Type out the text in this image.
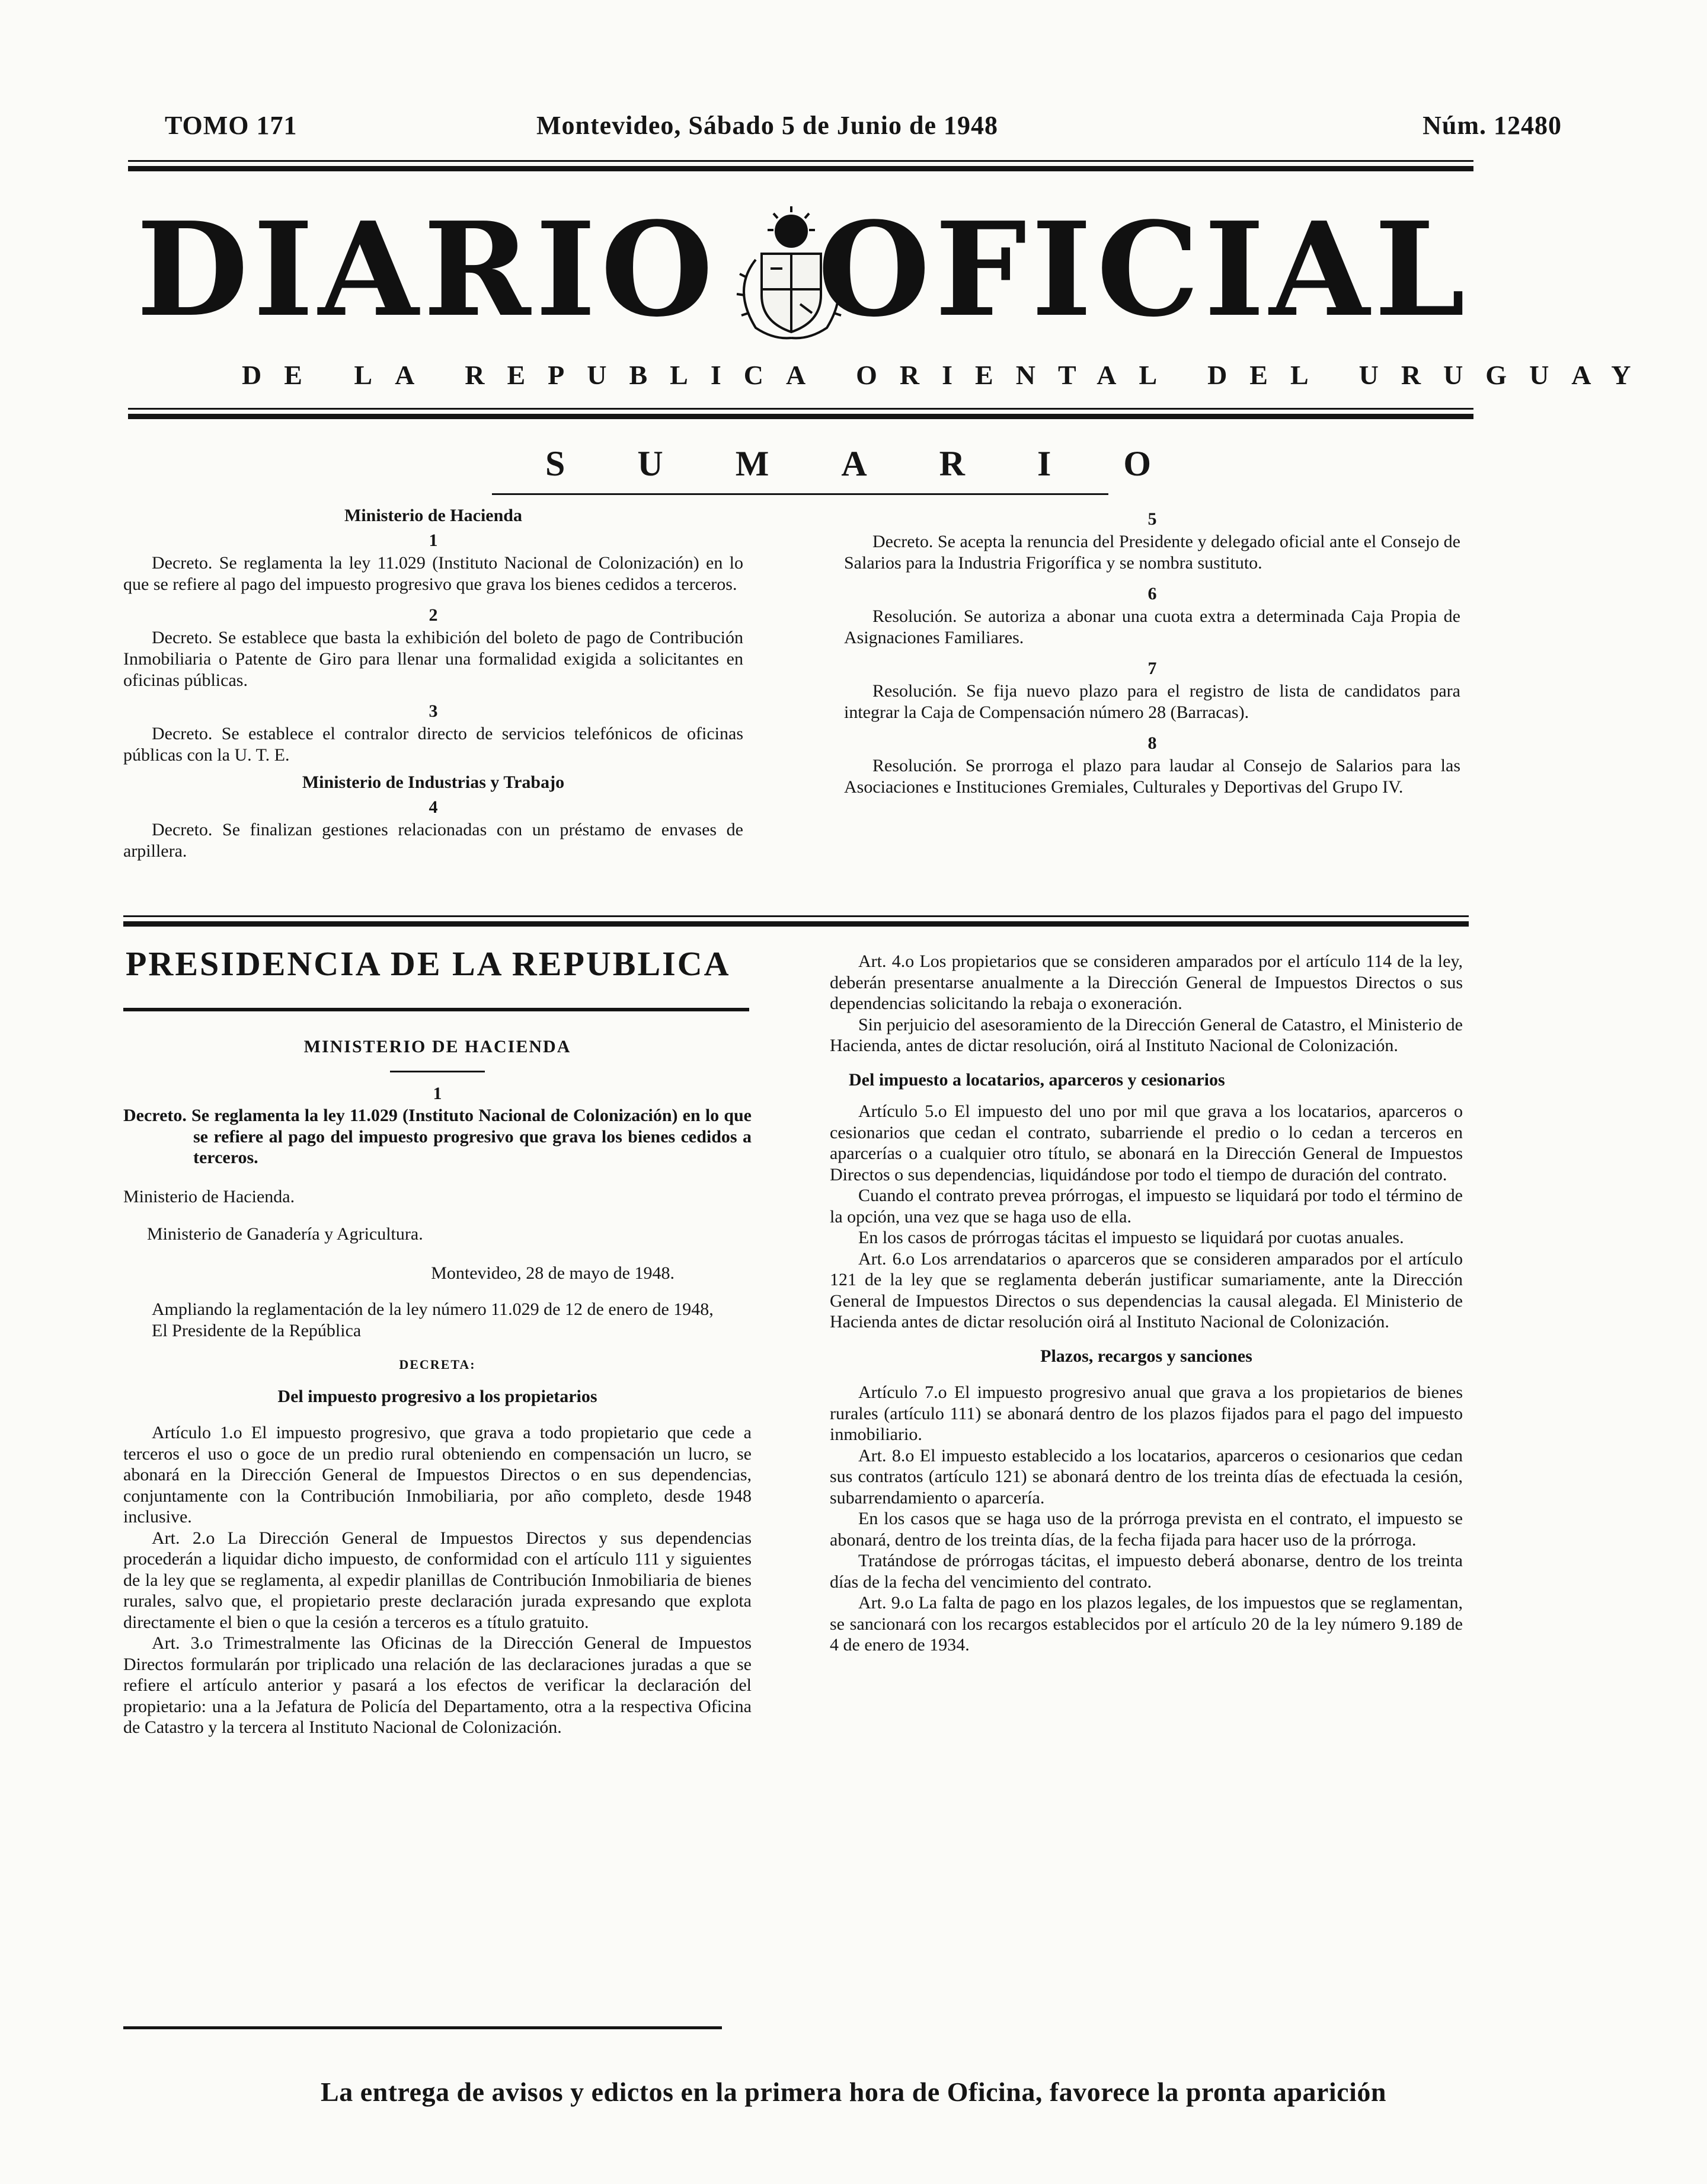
TOMO 171	Montevideo, Sábado 5 de Junio de 1948	Núm. 12480
DIARIO OFICIAL
DE LA REPUBLICA ORIENTAL DEL URUGUAY
SUMARIO
Ministerio de Hacienda
1
Decreto. Se reglamenta la ley 11.029 (Instituto Nacional de Colonización) en lo que se refiere al pago del impuesto progresivo que grava los bienes cedidos a terceros.
2
Decreto. Se establece que basta la exhibición del boleto de pago de Contribución Inmobiliaria o Patente de Giro para llenar una formalidad exigida a solicitantes en oficinas públicas.
3
Decreto. Se establece el contralor directo de servicios telefónicos de oficinas públicas con la U. T. E.
Ministerio de Industrias y Trabajo
4
Decreto. Se finalizan gestiones relacionadas con un préstamo de envases de arpillera.
5
Decreto. Se acepta la renuncia del Presidente y delegado oficial ante el Consejo de Salarios para la Industria Frigorífica y se nombra sustituto.
6
Resolución. Se autoriza a abonar una cuota extra a determinada Caja Propia de Asignaciones Familiares.
7
Resolución. Se fija nuevo plazo para el registro de lista de candidatos para integrar la Caja de Compensación número 28 (Barracas).
8
Resolución. Se prorroga el plazo para laudar al Consejo de Salarios para las Asociaciones e Instituciones Gremiales, Culturales y Deportivas del Grupo IV.
PRESIDENCIA DE LA REPUBLICA
MINISTERIO DE HACIENDA
1
Decreto. Se reglamenta la ley 11.029 (Instituto Nacional de Colonización) en lo que se refiere al pago del impuesto progresivo que grava los bienes cedidos a terceros.

Ministerio de Hacienda.

Ministerio de Ganadería y Agricultura.

Montevideo, 28 de mayo de 1948.

Ampliando la reglamentación de la ley número 11.029 de 12 de enero de 1948,

El Presidente de la República

DECRETA:
Del impuesto progresivo a los propietarios

Artículo 1.o El impuesto progresivo, que grava a todo propietario que cede a terceros el uso o goce de un predio rural obteniendo en compensación un lucro, se abonará en la Dirección General de Impuestos Directos o en sus dependencias, conjuntamente con la Contribución Inmobiliaria, por año completo, desde 1948 inclusive.

Art. 2.o La Dirección General de Impuestos Directos y sus dependencias procederán a liquidar dicho impuesto, de conformidad con el artículo 111 y siguientes de la ley que se reglamenta, al expedir planillas de Contribución Inmobiliaria de bienes rurales, salvo que, el propietario preste declaración jurada expresando que explota directamente el bien o que la cesión a terceros es a título gratuito.

Art. 3.o Trimestralmente las Oficinas de la Dirección General de Impuestos Directos formularán por triplicado una relación de las declaraciones juradas a que se refiere el artículo anterior y pasará a los efectos de verificar la declaración del propietario: una a la Jefatura de Policía del Departamento, otra a la respectiva Oficina de Catastro y la tercera al Instituto Nacional de Colonización.

Art. 4.o Los propietarios que se consideren amparados por el artículo 114 de la ley, deberán presentarse anualmente a la Dirección General de Impuestos Directos o sus dependencias solicitando la rebaja o exoneración.

Sin perjuicio del asesoramiento de la Dirección General de Catastro, el Ministerio de Hacienda, antes de dictar resolución, oirá al Instituto Nacional de Colonización.

Del impuesto a locatarios, aparceros y cesionarios

Artículo 5.o El impuesto del uno por mil que grava a los locatarios, aparceros o cesionarios que cedan el contrato, subarriende el predio o lo cedan a terceros en aparcerías o a cualquier otro título, se abonará en la Dirección General de Impuestos Directos o sus dependencias, liquidándose por todo el tiempo de duración del contrato.

Cuando el contrato prevea prórrogas, el impuesto se liquidará por todo el término de la opción, una vez que se haga uso de ella.

En los casos de prórrogas tácitas el impuesto se liquidará por cuotas anuales.

Art. 6.o Los arrendatarios o aparceros que se consideren amparados por el artículo 121 de la ley que se reglamenta deberán justificar sumariamente, ante la Dirección General de Impuestos Directos o sus dependencias la causal alegada. El Ministerio de Hacienda antes de dictar resolución oirá al Instituto Nacional de Colonización.

Plazos, recargos y sanciones

Artículo 7.o El impuesto progresivo anual que grava a los propietarios de bienes rurales (artículo 111) se abonará dentro de los plazos fijados para el pago del impuesto inmobiliario.

Art. 8.o El impuesto establecido a los locatarios, aparceros o cesionarios que cedan sus contratos (artículo 121) se abonará dentro de los treinta días de efectuada la cesión, subarrendamiento o aparcería.

En los casos que se haga uso de la prórroga prevista en el contrato, el impuesto se abonará, dentro de los treinta días, de la fecha fijada para hacer uso de la prórroga.

Tratándose de prórrogas tácitas, el impuesto deberá abonarse, dentro de los treinta días de la fecha del vencimiento del contrato.

Art. 9.o La falta de pago en los plazos legales, de los impuestos que se reglamentan, se sancionará con los recargos establecidos por el artículo 20 de la ley número 9.189 de 4 de enero de 1934.

La entrega de avisos y edictos en la primera hora de Oficina, favorece la pronta aparición
